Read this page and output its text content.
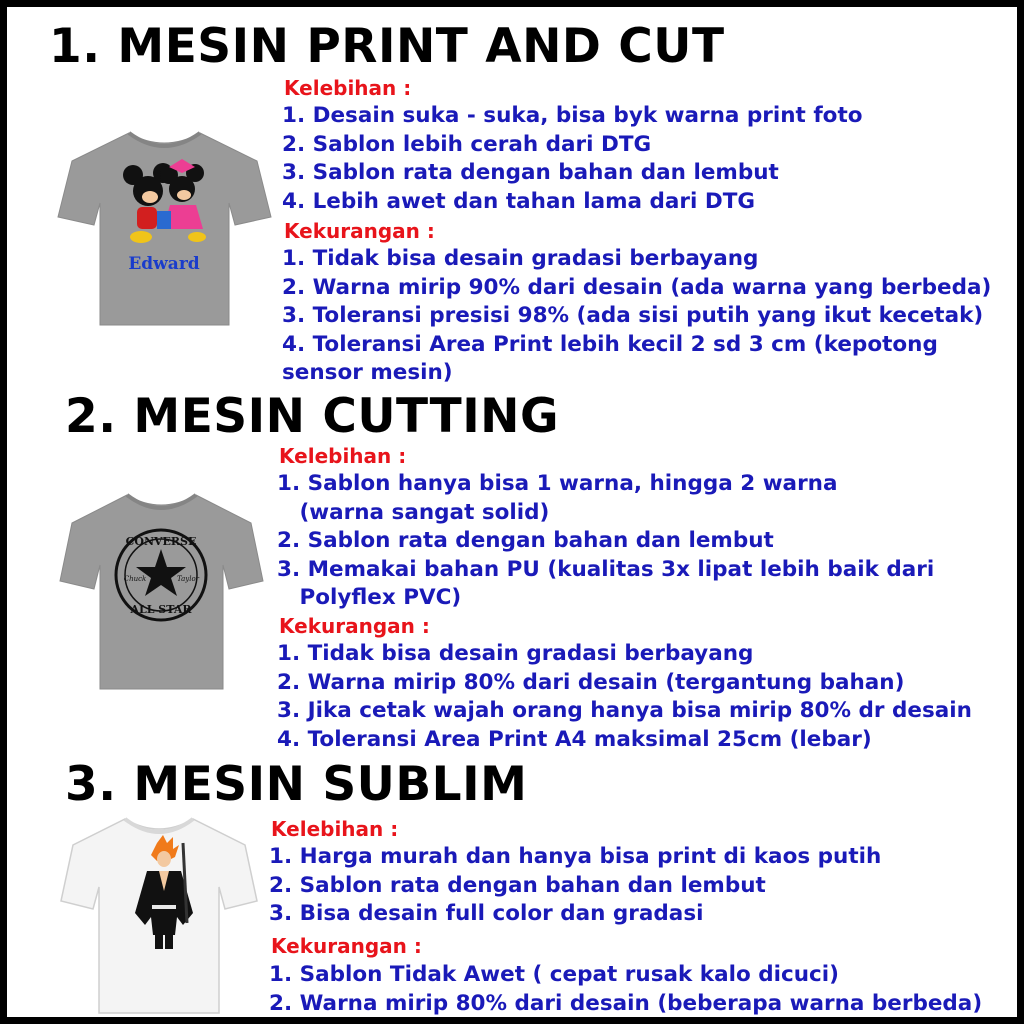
1. MESIN PRINT AND CUT
Edward
Kelebihan :
1. Desain suka - suka, bisa byk warna print foto
2. Sablon lebih cerah dari DTG
3. Sablon rata dengan bahan dan lembut
4. Lebih awet dan tahan lama dari DTG
Kekurangan :
1. Tidak bisa desain gradasi berbayang
2. Warna mirip 90% dari desain (ada warna yang berbeda)
3. Toleransi presisi 98% (ada sisi putih yang ikut kecetak)
4. Toleransi Area Print lebih kecil 2 sd 3 cm (kepotong
sensor mesin)
2. MESIN CUTTING
CONVERSE
ALL STAR
Chuck	Taylor
Kelebihan :
1. Sablon hanya bisa 1 warna, hingga 2 warna
(warna sangat solid)
2. Sablon rata dengan bahan dan lembut
3. Memakai bahan PU (kualitas 3x lipat lebih baik dari
Polyflex PVC)
Kekurangan :
1. Tidak bisa desain gradasi berbayang
2. Warna mirip 80% dari desain (tergantung bahan)
3. Jika cetak wajah orang hanya bisa mirip 80% dr desain
4. Toleransi Area Print A4 maksimal 25cm (lebar)
3. MESIN SUBLIM
Kelebihan :
1. Harga murah dan hanya bisa print di kaos putih
2. Sablon rata dengan bahan dan lembut
3. Bisa desain full color dan gradasi
Kekurangan :
1. Sablon Tidak Awet ( cepat rusak kalo dicuci)
2. Warna mirip 80% dari desain (beberapa warna berbeda)
